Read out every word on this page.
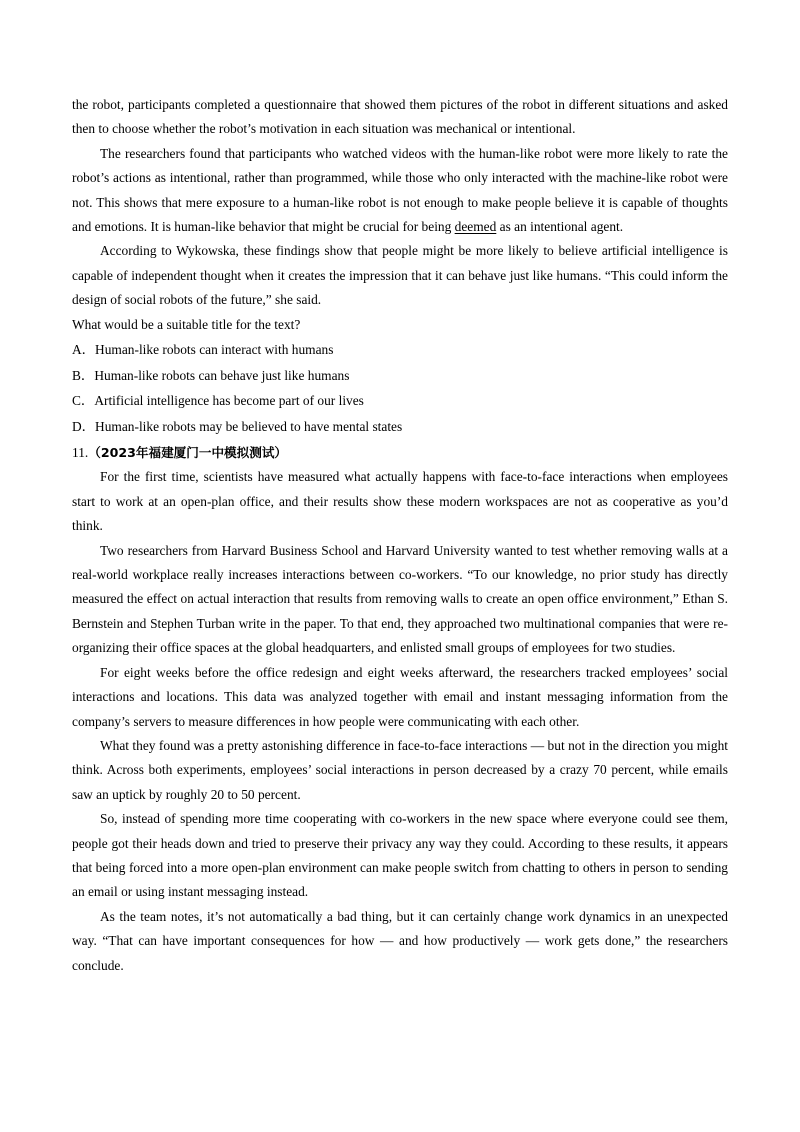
the robot, participants completed a questionnaire that showed them pictures of the robot in different situations and asked then to choose whether the robot’s motivation in each situation was mechanical or intentional.

The researchers found that participants who watched videos with the human-like robot were more likely to rate the robot’s actions as intentional, rather than programmed, while those who only interacted with the machine-like robot were not. This shows that mere exposure to a human-like robot is not enough to make people believe it is capable of thoughts and emotions. It is human-like behavior that might be crucial for being deemed as an intentional agent.

According to Wykowska, these findings show that people might be more likely to believe artificial intelligence is capable of independent thought when it creates the impression that it can behave just like humans. “This could inform the design of social robots of the future,” she said.

What would be a suitable title for the text?

A．Human-like robots can interact with humans

B．Human-like robots can behave just like humans

C．Artificial intelligence has become part of our lives

D．Human-like robots may be believed to have mental states

11.（2023年福建厦门一中模拟测试）

For the first time, scientists have measured what actually happens with face-to-face interactions when employees start to work at an open-plan office, and their results show these modern workspaces are not as cooperative as you’d think.

Two researchers from Harvard Business School and Harvard University wanted to test whether removing walls at a real-world workplace really increases interactions between co-workers. “To our knowledge, no prior study has directly measured the effect on actual interaction that results from removing walls to create an open office environment,” Ethan S. Bernstein and Stephen Turban write in the paper. To that end, they approached two multinational companies that were re-organizing their office spaces at the global headquarters, and enlisted small groups of employees for two studies.

For eight weeks before the office redesign and eight weeks afterward, the researchers tracked employees’ social interactions and locations. This data was analyzed together with email and instant messaging information from the company’s servers to measure differences in how people were communicating with each other.

What they found was a pretty astonishing difference in face-to-face interactions — but not in the direction you might think. Across both experiments, employees’ social interactions in person decreased by a crazy 70 percent, while emails saw an uptick by roughly 20 to 50 percent.

So, instead of spending more time cooperating with co-workers in the new space where everyone could see them, people got their heads down and tried to preserve their privacy any way they could. According to these results, it appears that being forced into a more open-plan environment can make people switch from chatting to others in person to sending an email or using instant messaging instead.

As the team notes, it’s not automatically a bad thing, but it can certainly change work dynamics in an unexpected way. “That can have important consequences for how — and how productively — work gets done,” the researchers conclude.
